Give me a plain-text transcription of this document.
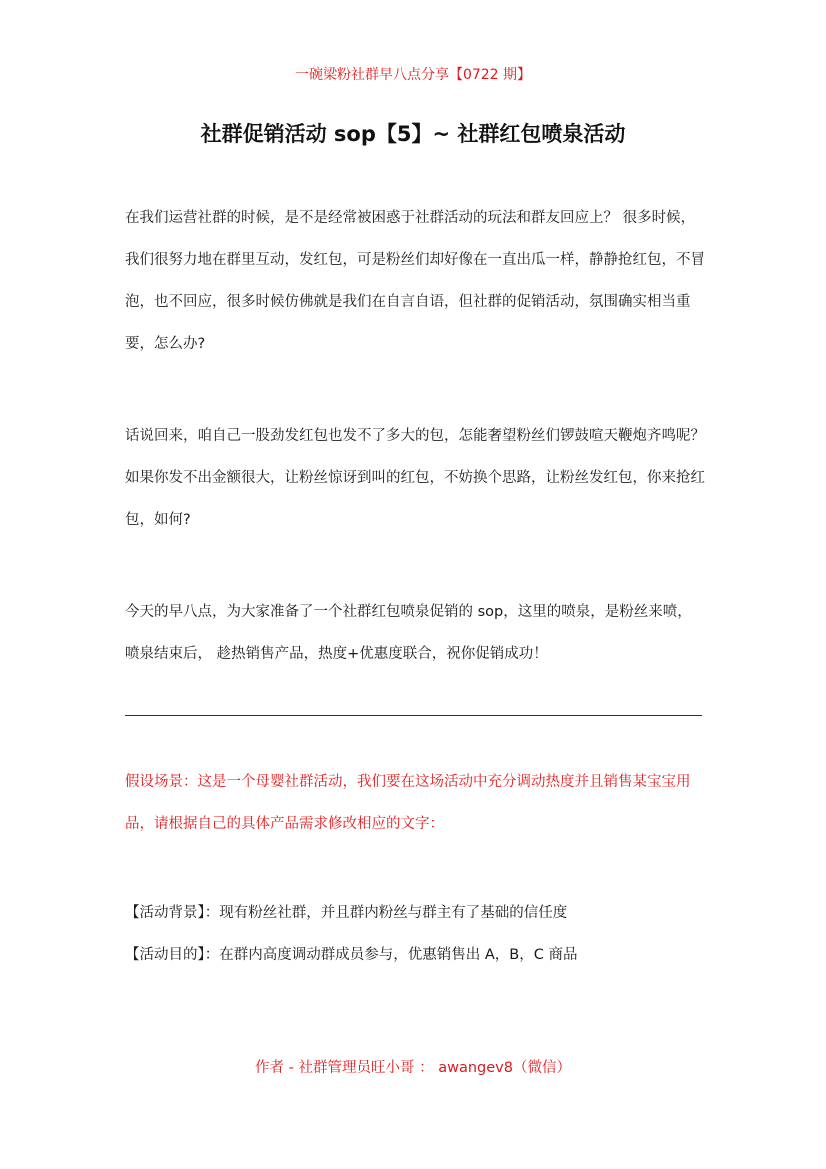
一碗梁粉社群早八点分享【0722 期】
社群促销活动 sop【5】~ 社群红包喷泉活动

在我们运营社群的时候，是不是经常被困惑于社群活动的玩法和群友回应上？ 很多时候，我们很努力地在群里互动，发红包，可是粉丝们却好像在一直出瓜一样，静静抢红包，不冒泡，也不回应，很多时候仿佛就是我们在自言自语，但社群的促销活动，氛围确实相当重要，怎么办?

话说回来，咱自己一股劲发红包也发不了多大的包，怎能奢望粉丝们锣鼓喧天鞭炮齐鸣呢？如果你发不出金额很大，让粉丝惊讶到叫的红包，不妨换个思路，让粉丝发红包，你来抢红包，如何?

今天的早八点，为大家准备了一个社群红包喷泉促销的 sop，这里的喷泉，是粉丝来喷，喷泉结束后， 趁热销售产品，热度+优惠度联合，祝你促销成功！

假设场景：这是一个母婴社群活动，我们要在这场活动中充分调动热度并且销售某宝宝用品，请根据自己的具体产品需求修改相应的文字：

【活动背景】：现有粉丝社群，并且群内粉丝与群主有了基础的信任度
【活动目的】：在群内高度调动群成员参与，优惠销售出 A，B，C 商品
作者 - 社群管理员旺小哥 ： awangev8（微信）
